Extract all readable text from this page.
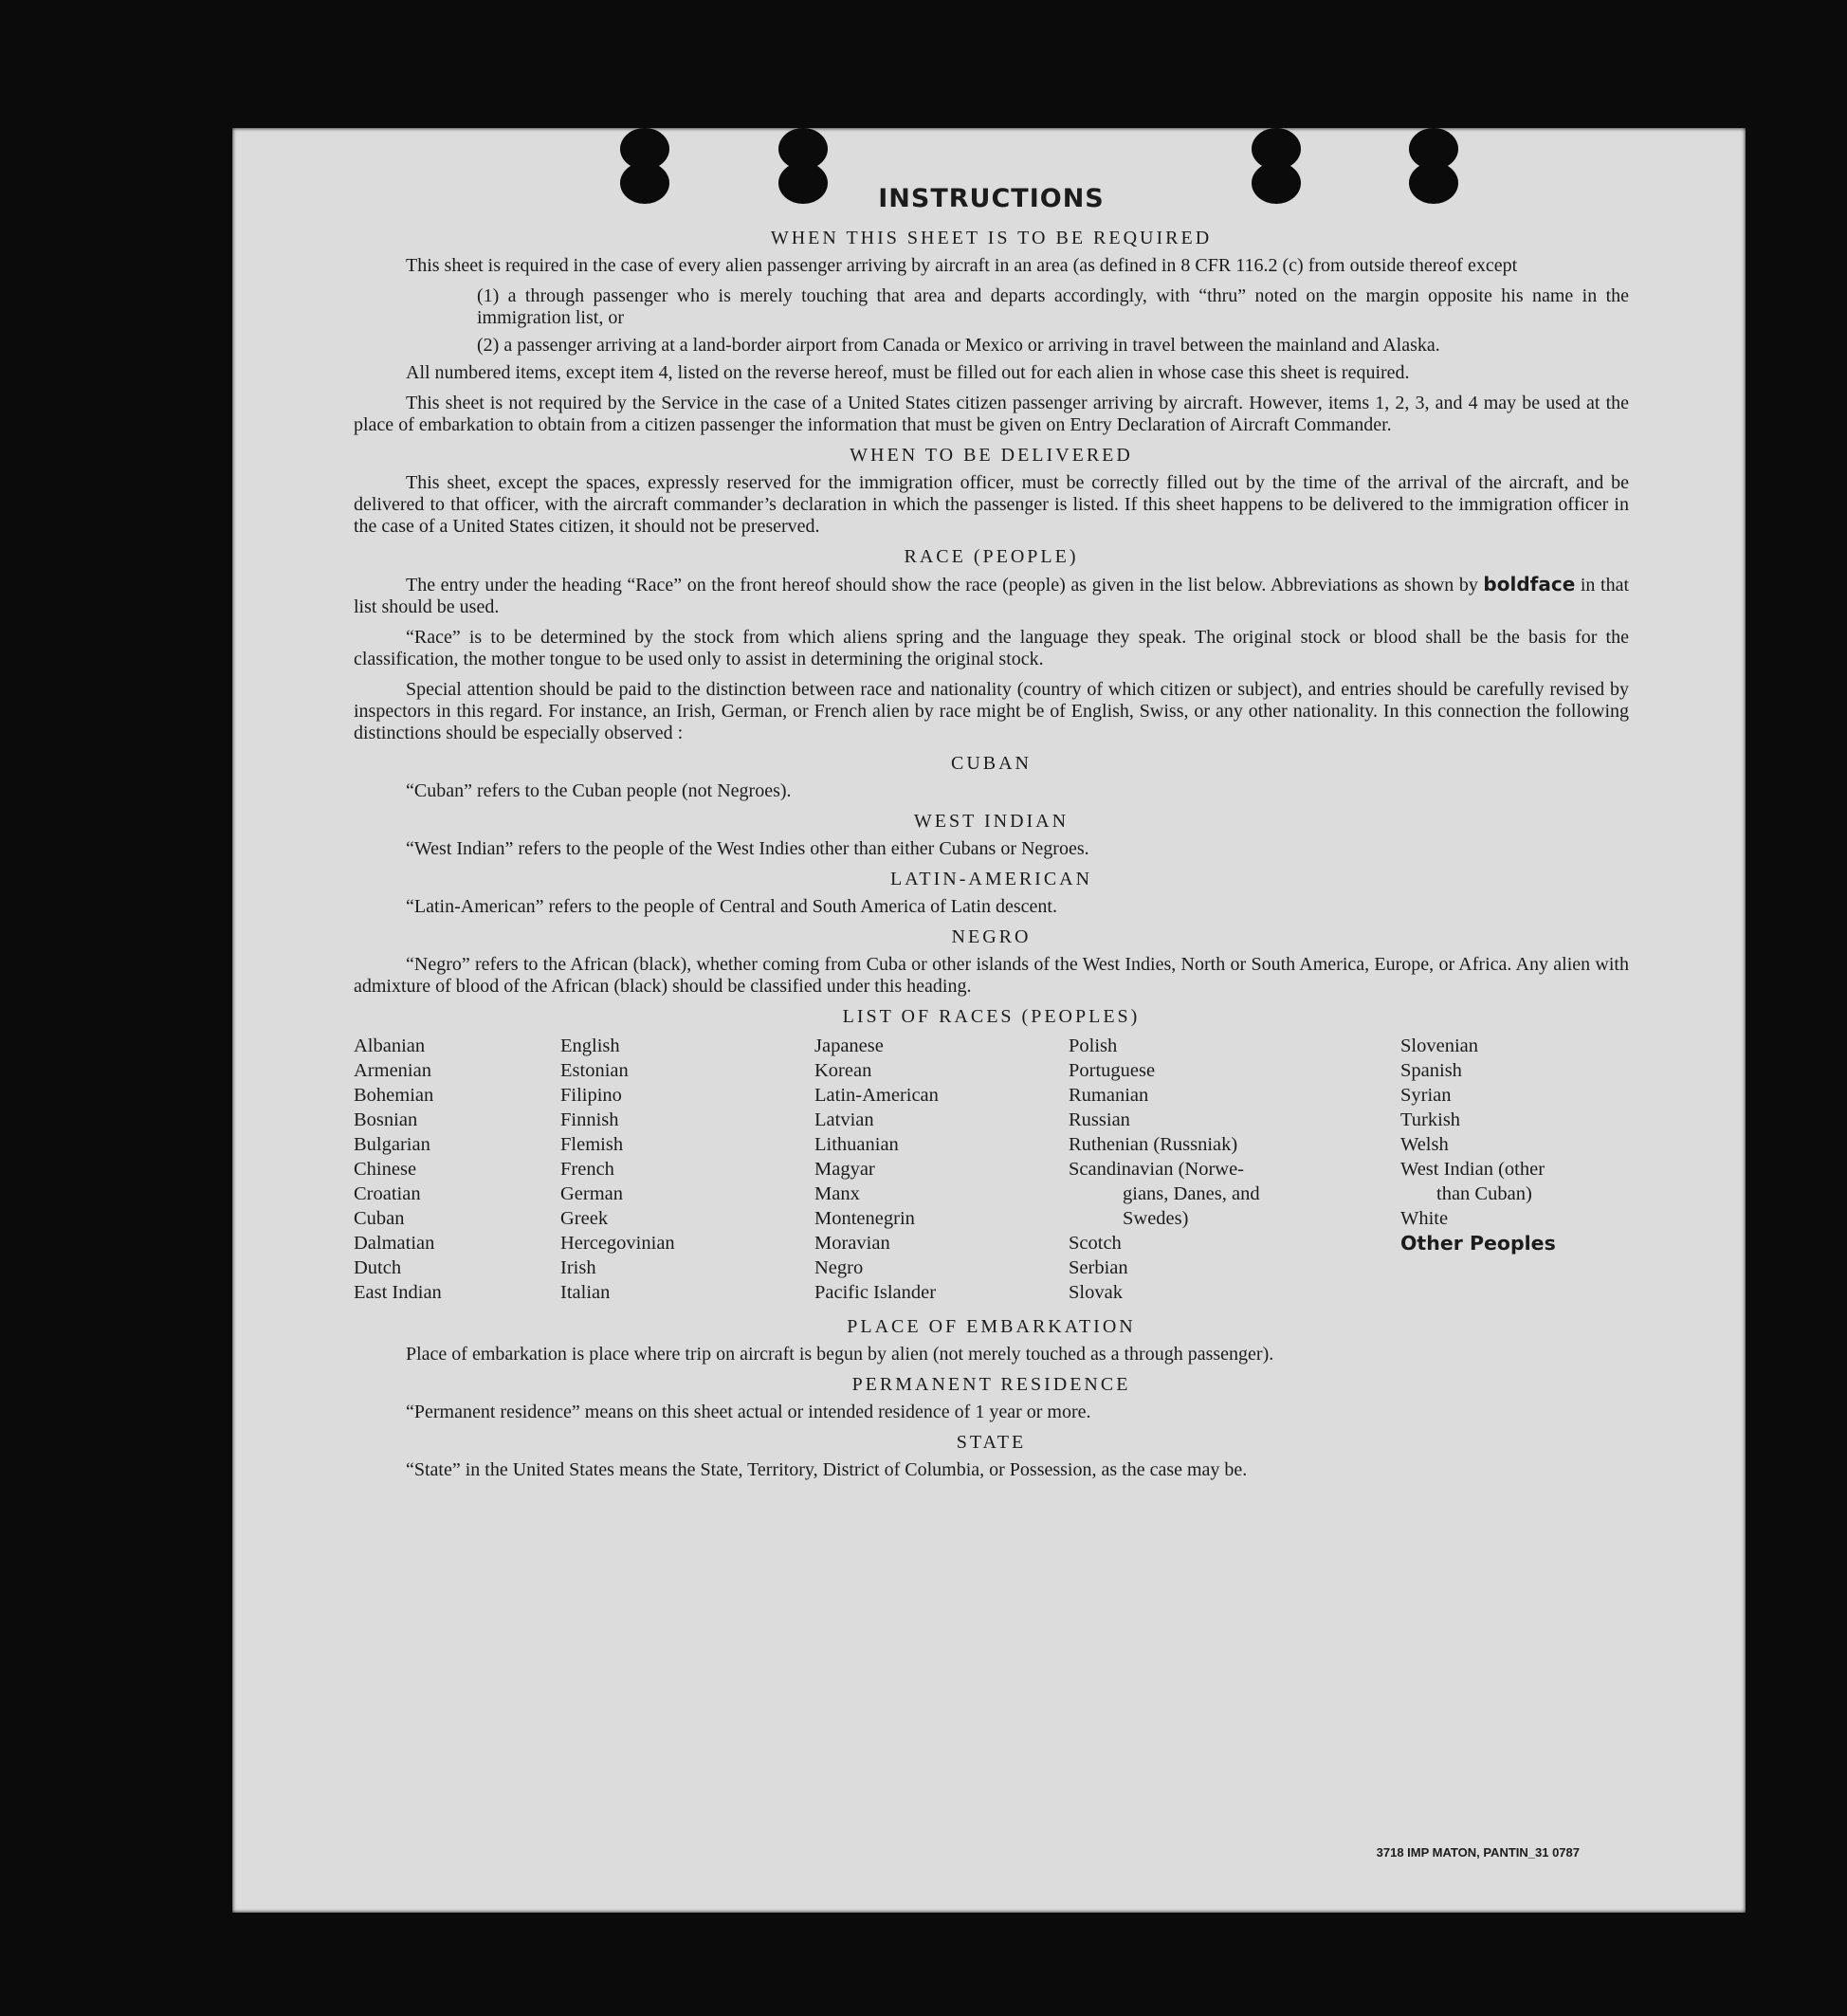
INSTRUCTIONS
WHEN THIS SHEET IS TO BE REQUIRED

This sheet is required in the case of every alien passenger arriving by aircraft in an area (as defined in 8 CFR 116.2 (c) from outside thereof except

(1) a through passenger who is merely touching that area and departs accordingly, with “thru” noted on the margin opposite his name in the immigration list, or
(2) a passenger arriving at a land-border airport from Canada or Mexico or arriving in travel between the mainland and Alaska.

All numbered items, except item 4, listed on the reverse hereof, must be filled out for each alien in whose case this sheet is required.

This sheet is not required by the Service in the case of a United States citizen passenger arriving by aircraft. However, items 1, 2, 3, and 4 may be used at the place of embarkation to obtain from a citizen passenger the information that must be given on Entry Declaration of Aircraft Commander.

WHEN TO BE DELIVERED

This sheet, except the spaces, expressly reserved for the immigration officer, must be correctly filled out by the time of the arrival of the aircraft, and be delivered to that officer, with the aircraft commander’s declaration in which the passenger is listed. If this sheet happens to be delivered to the immigration officer in the case of a United States citizen, it should not be preserved.

RACE (PEOPLE)

The entry under the heading “Race” on the front hereof should show the race (people) as given in the list below. Abbreviations as shown by boldface in that list should be used.

“Race” is to be determined by the stock from which aliens spring and the language they speak. The original stock or blood shall be the basis for the classification, the mother tongue to be used only to assist in determining the original stock.

Special attention should be paid to the distinction between race and nationality (country of which citizen or subject), and entries should be carefully revised by inspectors in this regard. For instance, an Irish, German, or French alien by race might be of English, Swiss, or any other nationality. In this connection the following distinctions should be especially observed :

CUBAN

“Cuban” refers to the Cuban people (not Negroes).

WEST INDIAN

“West Indian” refers to the people of the West Indies other than either Cubans or Negroes.

LATIN-AMERICAN

“Latin-American” refers to the people of Central and South America of Latin descent.

NEGRO

“Negro” refers to the African (black), whether coming from Cuba or other islands of the West Indies, North or South America, Europe, or Africa. Any alien with admixture of blood of the African (black) should be classified under this heading.

LIST OF RACES (PEOPLES)
Albanian
Armenian
Bohemian
Bosnian
Bulgarian
Chinese
Croatian
Cuban
Dalmatian
Dutch
East Indian
English
Estonian
Filipino
Finnish
Flemish
French
German
Greek
Hercegovinian
Irish
Italian
Japanese
Korean
Latin-American
Latvian
Lithuanian
Magyar
Manx
Montenegrin
Moravian
Negro
Pacific Islander
Polish
Portuguese
Rumanian
Russian
Ruthenian (Russniak)
Scandinavian (Norwe-
gians, Danes, and
Swedes)
Scotch
Serbian
Slovak
Slovenian
Spanish
Syrian
Turkish
Welsh
West Indian (other
than Cuban)
White
Other Peoples
PLACE OF EMBARKATION

Place of embarkation is place where trip on aircraft is begun by alien (not merely touched as a through passenger).

PERMANENT RESIDENCE

“Permanent residence” means on this sheet actual or intended residence of 1 year or more.

STATE

“State” in the United States means the State, Territory, District of Columbia, or Possession, as the case may be.

3718 IMP MATON, PANTIN_31 0787
